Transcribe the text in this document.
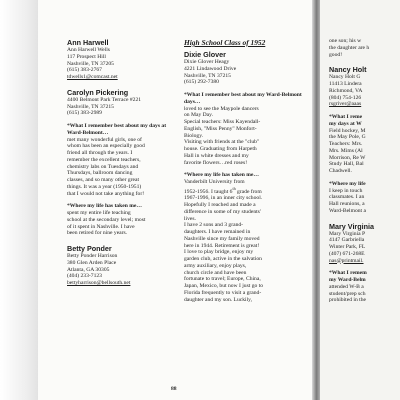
Ann Harwell
Ann Harwell Wells
117 Prospect Hill
Nashville, TN 37205
(615) 383-2767
tdwells1@comcast.net
Carolyn Pickering
4400 Belmont Park Terrace #221
Nashville, TN 37215
(615) 383-2989
*What I remember best about my days at Ward-Belmont…
met many wonderful girls, one of
whom has been an especially good
friend all through the years. I
remember the excellent teachers,
chemistry labs on Tuesdays and
Thursdays, ballroom dancing
classes, and so many other great
things. It was a year (1950-1951)
that I would not take anything for!
*Where my life has taken me…
spent my entire life teaching
school at the secondary level; most
of it spent in Nashville. I have
been retired for nine years.
Betty Ponder
Betty Ponder Harrison
380 Glen Arden Place
Atlanta, GA 30305
(404) 233-7123
bettyharrison@bellsouth.net
High School Class of 1952
Dixie Glover
Dixie Glover Heagy
4221 Lindawood Drive
Nashville, TN 37215
(615) 292-7380
*What I remember best about my Ward-Belmont days…
loved to see the Maypole dancers
on May Day.
Special teachers: Miss Kayendall-
English, "Miss Penny" Monfort-
Biology.
Visiting with friends at the "club"
house. Graduating from Harpeth
Hall in white dresses and my
favorite flowers…red roses!
*Where my life has taken me…
Vanderbilt University from
1952-1956. I taught 6th grade from
1967-1996, in an inner city school.
Hopefully I reached and made a
difference in some of my students'
lives.
I have 2 sons and 3 grand-
daughters. I have remained in
Nashville since my family moved
here in 1944. Retirement is great!
I love to play bridge, enjoy my
garden club, active in the salvation
army auxiliary, enjoy plays,
church circle and have been
fortunate to travel; Europe, China,
Japan, Mexico, but now I just go to
Florida frequently to visit a grand-
daughter and my son. Luckily,
88
one son; his w
the daughter are h
good!
Nancy Holt
Nancy Holt G
11413 Lindera
Richmond, VA
(804) 754-126
rsgriver@aaas
*What I reme
my days at W
Field hockey, M
the May Pole, G
Teachers: Mrs.
Mrs. Mims (Al
Morrison, Re W
Study Hall, Bal
Chadwell.
*Where my life
I keep in touch
classmates. I an
Hall reunions, a
Ward-Belmont a
Mary Virginia
Mary Virginia P
4147 Garbriella
Winter Park, FL
(407) 671-268E
nas@printmail.
*What I remem
my Ward-Belm
attended W-B a
student/prep sch
prohibited in the
